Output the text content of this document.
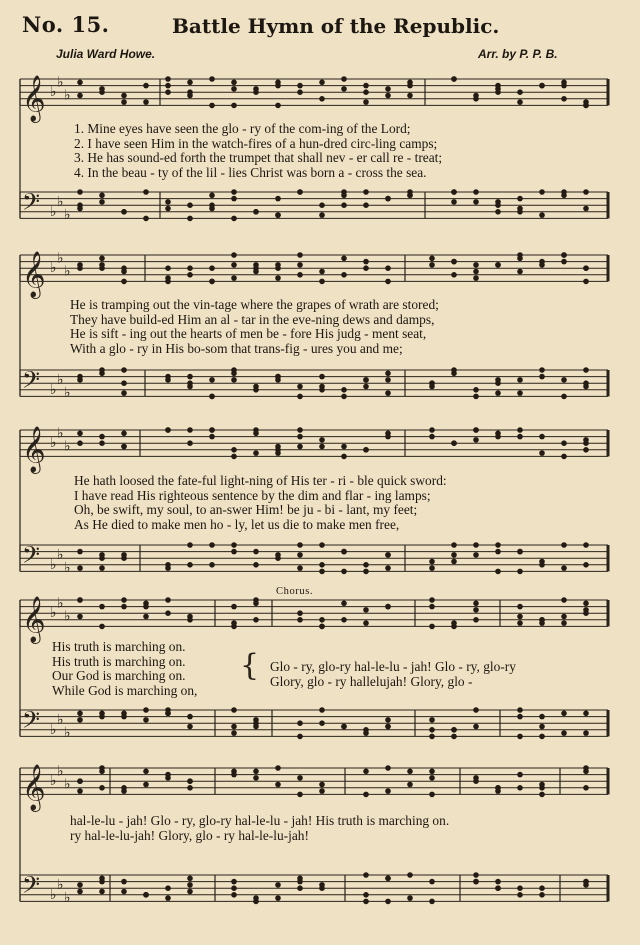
No. 15.	Battle Hymn of the Republic.
Julia Ward Howe.	Arr. by P. P. B.
𝄞 ♭
♭
♭
𝄢 ♭
♭
♭
𝄞 ♭
♭
♭
𝄢 ♭
♭
♭
𝄞 ♭
♭
♭
𝄢 ♭
♭
♭
𝄞 ♭
♭
♭
𝄢 ♭
♭
♭
𝄞 ♭
♭
♭
𝄢 ♭
♭
♭
1. Mine eyes have seen the glo - ry of the com-ing of the Lord;
2. I have seen Him in the watch-fires of a hun-dred circ-ling camps;
3. He has sound-ed forth the trumpet that shall nev - er call re - treat;
4. In the beau - ty of the lil - lies Christ was born a - cross the sea.
He is tramping out the vin-tage where the grapes of wrath are stored;
They have build-ed Him an al - tar in the eve-ning dews and damps,
He is sift - ing out the hearts of men be - fore His judg - ment seat,
With a glo - ry in His bo-som that trans-fig - ures you and me;
He hath loosed the fate-ful light-ning of His ter - ri - ble quick sword:
I have read His righteous sentence by the dim and flar - ing lamps;
Oh, be swift, my soul, to an-swer Him! be ju - bi - lant, my feet;
As He died to make men ho - ly, let us die to make men free,
Chorus.
His truth is marching on.
His truth is marching on.
Our God is marching on.
While God is marching on,
{ Glo - ry, glo-ry hal-le-lu - jah! Glo - ry, glo-ry
Glory, glo - ry hallelujah! Glory, glo -
hal-le-lu - jah! Glo - ry, glo-ry hal-le-lu - jah! His truth is marching on.
ry hal-le-lu-jah! Glory, glo - ry hal-le-lu-jah!
